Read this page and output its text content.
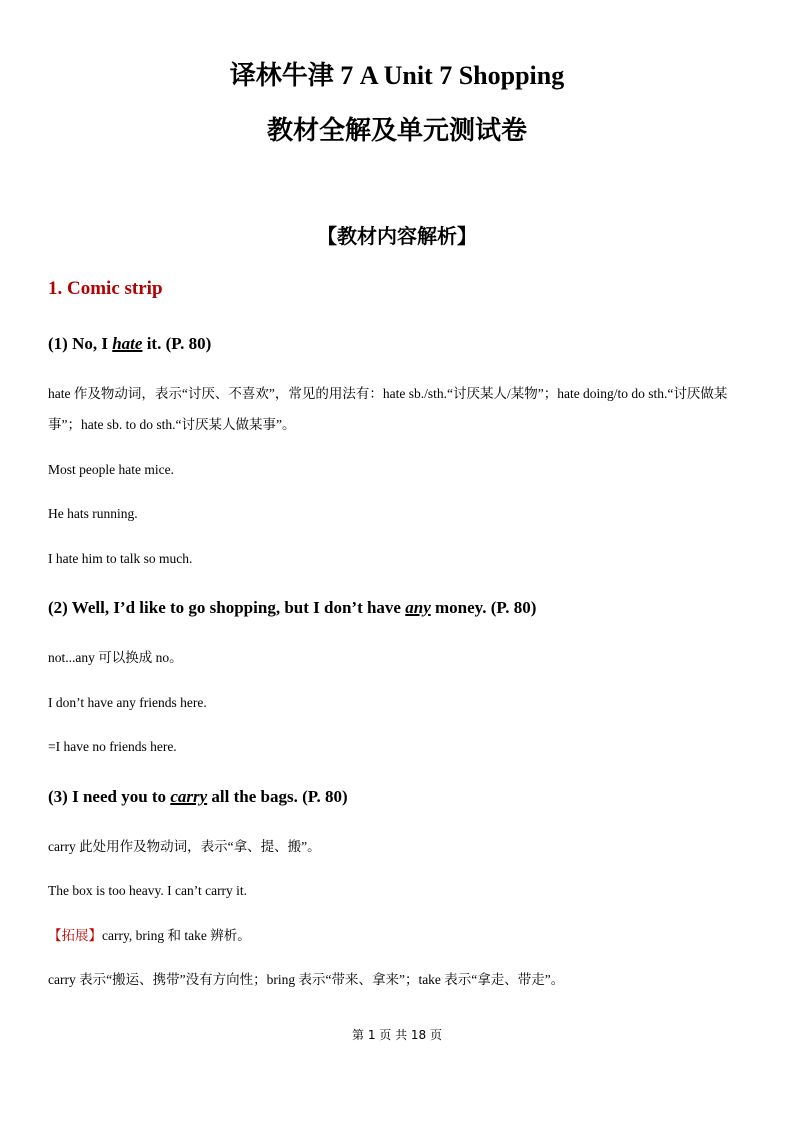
译林牛津 7 A Unit 7 Shopping
教材全解及单元测试卷
【教材内容解析】
1. Comic strip
(1) No, I hate it. (P. 80)
hate 作及物动词，表示“讨厌、不喜欢”，常见的用法有：hate sb./sth.“讨厌某人/某物”；hate doing/to do sth.“讨厌做某事”；hate sb. to do sth.“讨厌某人做某事”。
Most people hate mice.
He hats running.
I hate him to talk so much.
(2) Well, I’d like to go shopping, but I don’t have any money. (P. 80)
not...any 可以换成 no。
I don’t have any friends here.
=I have no friends here.
(3) I need you to carry all the bags. (P. 80)
carry 此处用作及物动词，表示“拿、提、搬”。
The box is too heavy. I can’t carry it.
【拓展】carry, bring 和 take 辨析。
carry 表示“搬运、携带”没有方向性；bring 表示“带来、拿来”；take 表示“拿走、带走”。
第 1 页 共 18 页
